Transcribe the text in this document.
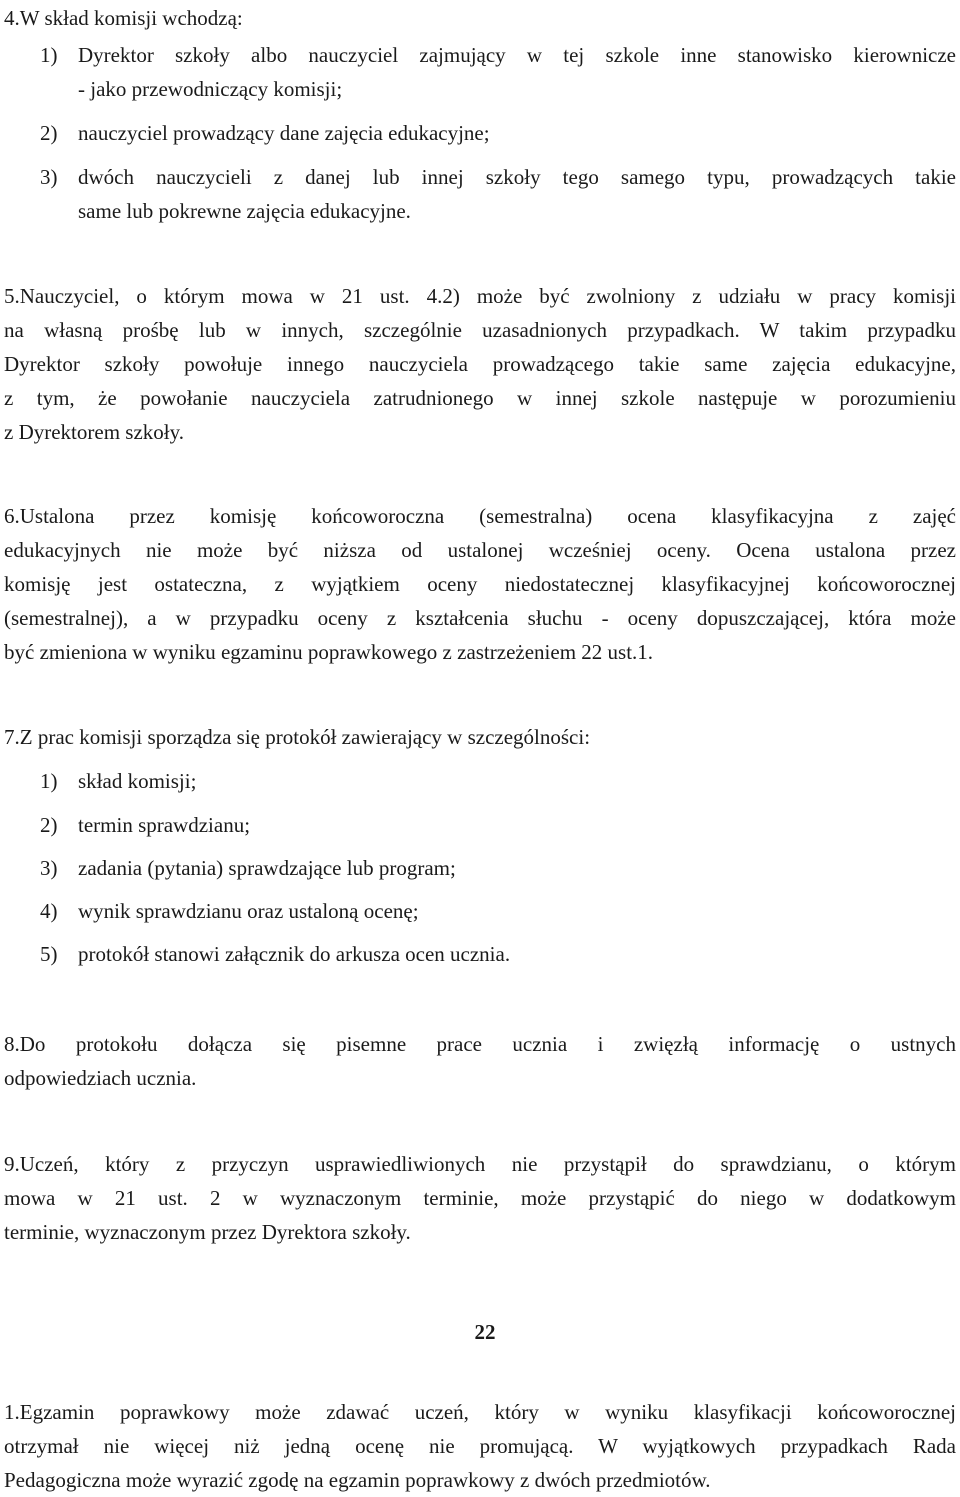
4.W skład komisji wchodzą:
1) Dyrektor szkoły albo nauczyciel zajmujący w tej szkole inne stanowisko kierownicze
- jako przewodniczący komisji;
2) nauczyciel prowadzący dane zajęcia edukacyjne;
3) dwóch nauczycieli z danej lub innej szkoły tego samego typu, prowadzących takie
same lub pokrewne zajęcia edukacyjne.
5.Nauczyciel, o którym mowa w 21 ust. 4.2) może być zwolniony z udziału w pracy komisji
na własną prośbę lub w innych, szczególnie uzasadnionych przypadkach. W takim przypadku
Dyrektor szkoły powołuje innego nauczyciela prowadzącego takie same zajęcia edukacyjne,
z tym, że powołanie nauczyciela zatrudnionego w innej szkole następuje w porozumieniu
z Dyrektorem szkoły.
6.Ustalona przez komisję końcoworoczna (semestralna) ocena klasyfikacyjna z zajęć
edukacyjnych nie może być niższa od ustalonej wcześniej oceny. Ocena ustalona przez
komisję jest ostateczna, z wyjątkiem oceny niedostatecznej klasyfikacyjnej końcoworocznej
(semestralnej), a w przypadku oceny z kształcenia słuchu - oceny dopuszczającej, która może
być zmieniona w wyniku egzaminu poprawkowego z zastrzeżeniem 22 ust.1.
7.Z prac komisji sporządza się protokół zawierający w szczególności:
1) skład komisji;
2) termin sprawdzianu;
3) zadania (pytania) sprawdzające lub program;
4) wynik sprawdzianu oraz ustaloną ocenę;
5) protokół stanowi załącznik do arkusza ocen ucznia.
8.Do protokołu dołącza się pisemne prace ucznia i zwięzłą informację o ustnych
odpowiedziach ucznia.
9.Uczeń, który z przyczyn usprawiedliwionych nie przystąpił do sprawdzianu, o którym
mowa w 21 ust. 2 w wyznaczonym terminie, może przystąpić do niego w dodatkowym
terminie, wyznaczonym przez Dyrektora szkoły.
22
1.Egzamin poprawkowy może zdawać uczeń, który w wyniku klasyfikacji końcoworocznej
otrzymał nie więcej niż jedną ocenę nie promującą. W wyjątkowych przypadkach Rada
Pedagogiczna może wyrazić zgodę na egzamin poprawkowy z dwóch przedmiotów.
